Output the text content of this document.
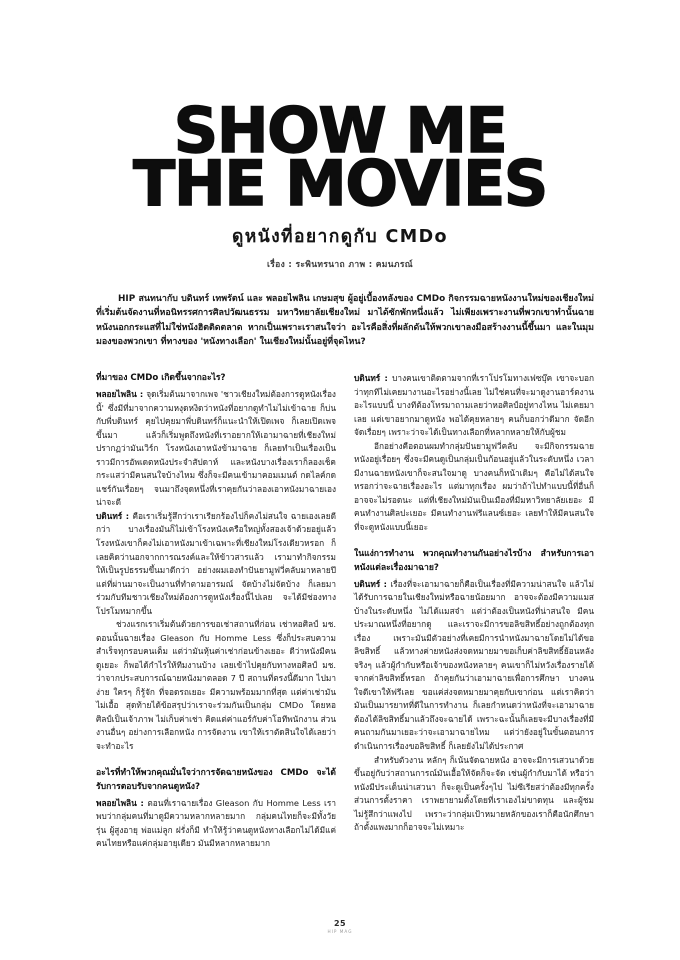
SHOW ME
THE MOVIES
ดูหนังที่อยากดูกับ CMDo
เรื่อง : ระพินทรนาถ ภาพ : คมนภรณ์
HIP สนทนากับ บดินทร์ เทพรัตน์ และ พลอยไพลิน เกษมสุข ผู้อยู่เบื้องหลังของ CMDo กิจกรรมฉายหนังงานใหม่ของเชียงใหม่ ที่เริ่มต้นจัดงานที่หอนิทรรศการศิลปวัฒนธรรม มหาวิทยาลัยเชียงใหม่ มาได้ซักพักหนึ่งแล้ว ไม่เพียงเพราะงานที่พวกเขาทำนั้นฉายหนังนอกกระแสที่ไม่ใช่หนังฮิตติดตลาด หากเป็นเพราะเราสนใจว่า อะไรคือสิ่งที่ผลักดันให้พวกเขาลงมือสร้างงานนี้ขึ้นมา และในมุมมองของพวกเขา ที่ทางของ 'หนังทางเลือก' ในเชียงใหม่นั้นอยู่ที่จุดไหน?
ที่มาของ CMDo เกิดขึ้นจากอะไร?

พลอยไพลิน : จุดเริ่มต้นมาจากเพจ 'ชาวเชียงใหม่ต้องการดูหนังเรื่องนี้' ซึ่งมีที่มาจากความหงุดหงิดว่าหนังที่อยากดูทำไมไม่เข้าฉาย ก็บ่นกับพี่บดินทร์ คุยไปคุยมาพี่บดินทร์ก็แนะนำให้เปิดเพจ ก็เลยเปิดเพจขึ้นมา แล้วก็เริ่มพูดถึงหนังที่เราอยากให้เอามาฉายที่เชียงใหม่ ปรากฏว่ามันเวิร์ก โรงหนังเอาหนังข้ามาฉาย ก็เลยทำเป็นเรื่องเป็นราวมีการอัพเดตหนังประจำสัปดาห์ และหนังบางเรื่องเราก็ลองเช็คกระแสว่ามีคนสนใจบ้างไหม ซึ่งก็จะมีคนเข้ามาคอมเมนต์ กดไลค์กดแชร์กันเรื่อยๆ จนมาถึงจุดหนึ่งที่เราคุยกันว่าลองเอาหนังมาฉายเองน่าจะดี

บดินทร์ : คือเราเริ่มรู้สึกว่าเราเรียกร้องไปก็คงไม่สนใจ ฉายเองเลยดีกว่า บางเรื่องมันก็ไม่เข้าโรงหนังเครือใหญ่ทั้งสองเจ้าด้วยอยู่แล้ว โรงหนังเขาก็คงไม่เอาหนังมาเข้าเฉพาะที่เชียงใหม่โรงเดียวหรอก ก็เลยคิดว่านอกจากการณรงค์และให้ข้าวสารแล้ว เรามาทำกิจกรรมให้เป็นรูปธรรมขึ้นมาดีกว่า อย่างผมเองทำปันยามูฟวี่คลับมาหลายปี แต่ที่ผ่านมาจะเป็นงานที่ทำตามอารมณ์ จัดบ้างไม่จัดบ้าง ก็เลยมาร่วมกับทีมชาวเชียงใหม่ต้องการดูหนังเรื่องนี้ไปเลย จะได้มีช่องทางโปรโมทมากขึ้น

ช่วงแรกเราเริ่มต้นด้วยการขอเช่าสถานที่ก่อน เช่าหอศิลป์ มช. ตอนนั้นฉายเรื่อง Gleason กับ Homme Less ซึ่งก็ประสบความสำเร็จทุกรอบคนเต็ม แต่ว่ามันหุ้นค่าเช่าก่อนข้างเยอะ ดีว่าหนังมีคนดูเยอะ ก็พอได้กำไรให้ทีมงานบ้าง เลยเข้าไปคุยกับทางหอศิลป์ มช. ว่าจากประสบการณ์ฉายหนังมาตลอด 7 ปี สถานที่ตรงนี้ดีมาก ไปมาง่าย ใครๆ ก็รู้จัก ที่จอดรถเยอะ มีความพร้อมมากที่สุด แต่ค่าเช่ามันไม่เอื้อ สุดท้ายได้ข้อสรุปว่าเราจะร่วมกันเป็นกลุ่ม CMDo โดยหอศิลป์เป็นเจ้าภาพ ไม่เก็บค่าเช่า คิดแต่ค่าแอร์กับค่าโอทีพนักงาน ส่วนงานอื่นๆ อย่างการเลือกหนัง การจัดงาน เขาให้เราตัดสินใจได้เลยว่าจะทำอะไร

อะไรที่ทำให้พวกคุณมั่นใจว่าการจัดฉายหนังของ CMDo จะได้รับการตอบรับจากคนดูหนัง?

พลอยไพลิน : ตอนที่เราฉายเรื่อง Gleason กับ Homme Less เราพบว่ากลุ่มคนที่มาดูมีความหลากหลายมาก กลุ่มคนไทยก็จะมีทั้งวัยรุ่น ผู้สูงอายุ พ่อแม่ลูก ฝรั่งก็มี ทำให้รู้ว่าคนดูหนังทางเลือกไม่ได้มีแค่คนไทยหรือแค่กลุ่มอายุเดียว มันมีหลากหลายมาก

บดินทร์ : บางคนเขาติดตามจากที่เราโปรโมทางเฟซบุ๊ค เขาจะบอกว่าทุกทีไม่เคยมางานอะไรอย่างนี้เลย ไม่ใช่คนที่จะมาดูงานอาร์ตงานอะไรแบบนี้ บางทีต้องโทรมาถามเลยว่าหอศิลป์อยู่ทางไหน ไม่เคยมาเลย แต่เขาอยากมาดูหนัง พอได้คุยหลายๆ คนก็บอกว่าดีมาก จัดอีกจัดเรื่อยๆ เพราะว่าจะได้เป็นทางเลือกที่หลากหลายให้กับผู้ชม

อีกอย่างคือตอนผมทำกลุ่มปันยามูฟวี่คลับ จะมีกิจกรรมฉายหนังอยู่เรื่อยๆ ซึ่งจะมีคนดูเป็นกลุ่มเป็นก้อนอยู่แล้วในระดับหนึ่ง เวลามีงานฉายหนังเขาก็จะสนใจมาดู บางคนก็หน้าเดิมๆ คือไม่ได้สนใจหรอกว่าจะฉายเรื่องอะไร แต่มาทุกเรื่อง ผมว่าถ้าไปทำแบบนี้ที่อื่นก็อาจจะไม่รอดนะ แต่ที่เชียงใหม่มันเป็นเมืองที่มีมหาวิทยาลัยเยอะ มีคนทำงานศิลปะเยอะ มีคนทำงานฟรีแลนซ์เยอะ เลยทำให้มีคนสนใจที่จะดูหนังแบบนี้เยอะ

ในแง่การทำงาน พวกคุณทำงานกันอย่างไรบ้าง สำหรับการเอาหนังแต่ละเรื่องมาฉาย?

บดินทร์ : เรื่องที่จะเอามาฉายก็คือเป็นเรื่องที่มีความน่าสนใจ แล้วไม่ได้รับการฉายในเชียงใหม่หรือฉายน้อยมาก อาจจะต้องมีความแมสบ้างในระดับหนึ่ง ไม่ได้แมสจ๋า แต่ว่าต้องเป็นหนังที่น่าสนใจ มีคนประมาณหนึ่งที่อยากดู และเราจะมีการขอลิขสิทธิ์อย่างถูกต้องทุกเรื่อง เพราะมันมีตัวอย่างที่เคยมีการนำหนังมาฉายโดยไม่ได้ขอลิขสิทธิ์ แล้วทางค่ายหนังส่งจดหมายมาขอเก็บค่าลิขสิทธิ์ย้อนหลัง จริงๆ แล้วผู้กำกับหรือเจ้าของหนังหลายๆ คนเขาก็ไม่หวังเรื่องรายได้จากค่าลิขสิทธิ์หรอก ถ้าคุยกันว่าเอามาฉายเพื่อการศึกษา บางคนใจดีเขาให้ฟรีเลย ขอแค่ส่งจดหมายมาคุยกับเขาก่อน แต่เราคิดว่ามันเป็นมารยาทที่ดีในการทำงาน ก็เลยกำหนดว่าหนังที่จะเอามาฉายต้องได้ลิขสิทธิ์มาแล้วถึงจะฉายได้ เพราะฉะนั้นก็เลยจะมีบางเรื่องที่มีคนถามกันมาเยอะว่าจะเอามาฉายไหม แต่ว่ายังอยู่ในขั้นตอนการดำเนินการเรื่องขอลิขสิทธิ์ ก็เลยยังไม่ได้ประกาศ

สำหรับตัวงาน หลักๆ ก็เน้นจัดฉายหนัง อาจจะมีการเสวนาด้วย ขึ้นอยู่กับว่าสถานการณ์มันเอื้อให้จัดก็จะจัด เช่นผู้กำกับมาได้ หรือว่าหนังมีประเด็นน่าเสวนา ก็จะดูเป็นครั้งๆไป ไม่ซีเรียสว่าต้องมีทุกครั้ง ส่วนการตั้งราคา เราพยายามตั้งโดยที่เราเองไม่ขาดทุน และผู้ชมไม่รู้สึกว่าแพงไป เพราะว่ากลุ่มเป้าหมายหลักของเราก็คือนักศึกษา ถ้าตั้งแพงมากก็อาจจะไม่เหมาะ

25
HIP MAG
